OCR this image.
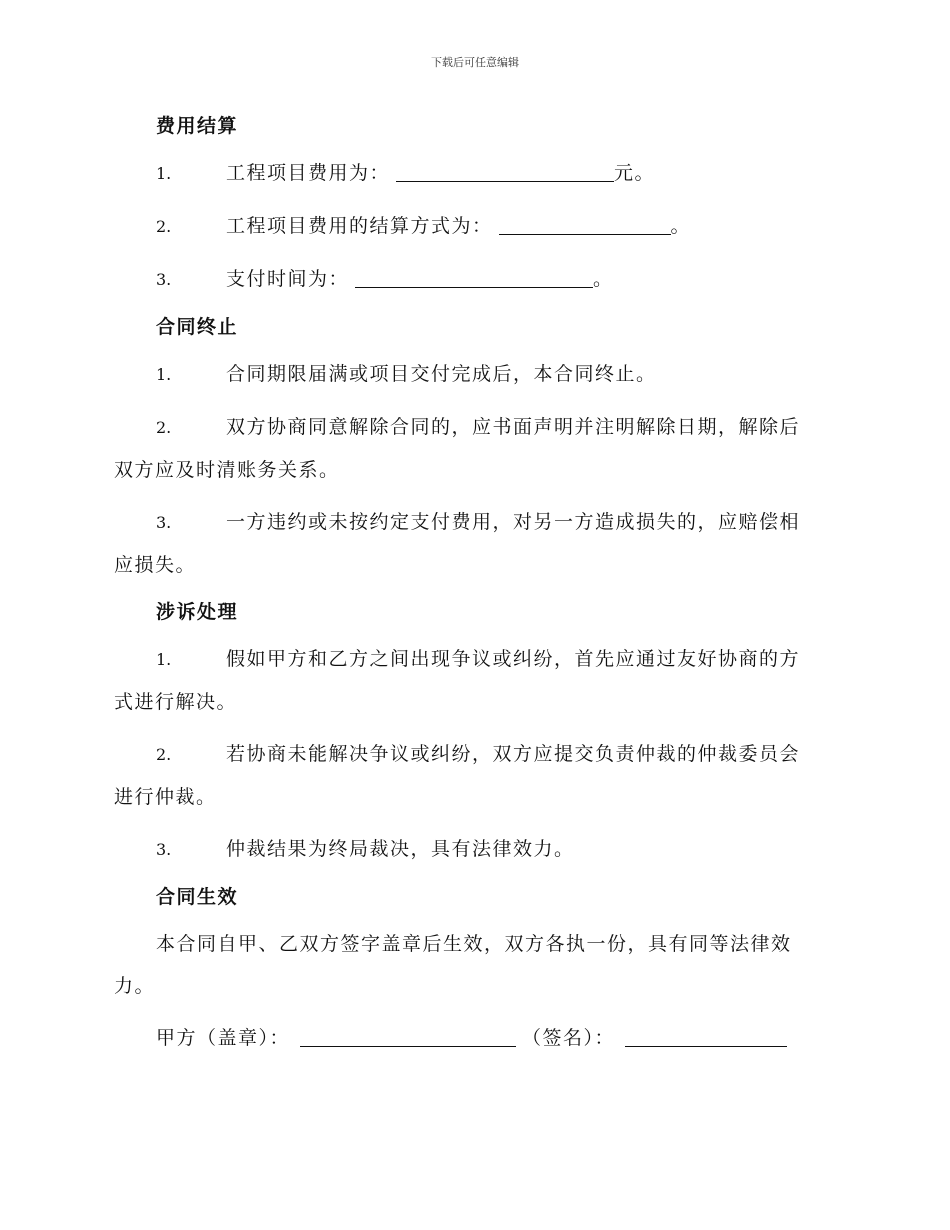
下载后可任意编辑
费用结算
1.	工程项目费用为：	元。
2.	工程项目费用的结算方式为：	。
3.	支付时间为：	。
合同终止
1.	合同期限届满或项目交付完成后，本合同终止。
2.	双方协商同意解除合同的，应书面声明并注明解除日期，解除后
双方应及时清账务关系。
3.	一方违约或未按约定支付费用，对另一方造成损失的，应赔偿相
应损失。
涉诉处理
1.	假如甲方和乙方之间出现争议或纠纷，首先应通过友好协商的方
式进行解决。
2.	若协商未能解决争议或纠纷，双方应提交负责仲裁的仲裁委员会
进行仲裁。
3.	仲裁结果为终局裁决，具有法律效力。
合同生效
本合同自甲、乙双方签字盖章后生效，双方各执一份，具有同等法律效
力。
甲方（盖章）：	（签名）：
